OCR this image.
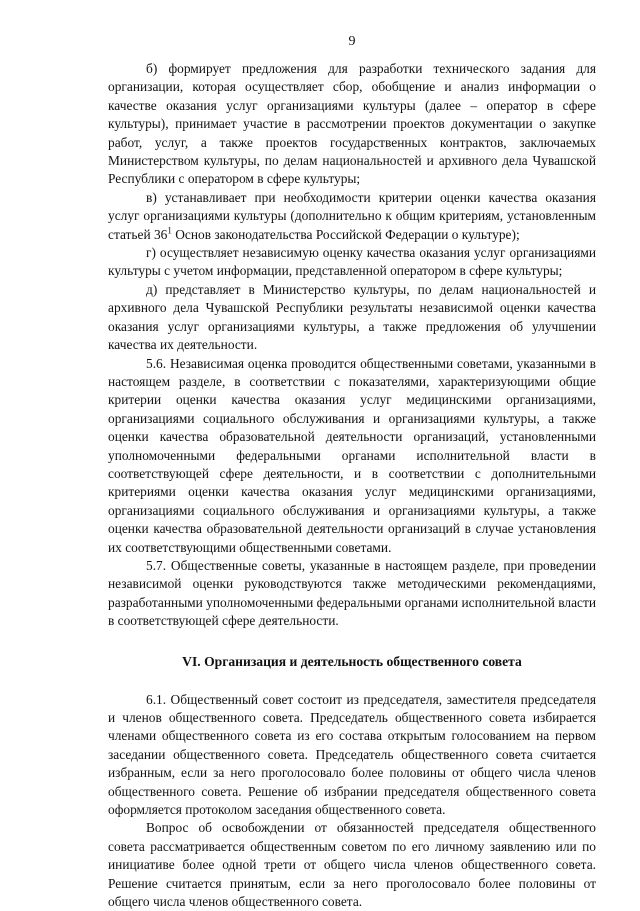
9

б) формирует предложения для разработки технического задания для организации, которая осуществляет сбор, обобщение и анализ информации о качестве оказания услуг организациями культуры (далее – оператор в сфере культуры), принимает участие в рассмотрении проектов документации о закупке работ, услуг, а также проектов государственных контрактов, заключаемых Министерством культуры, по делам национальностей и архивного дела Чувашской Республики с оператором в сфере культуры;

в) устанавливает при необходимости критерии оценки качества оказания услуг организациями культуры (дополнительно к общим критериям, установленным статьей $36^1$ Основ законодательства Российской Федерации о культуре);

г) осуществляет независимую оценку качества оказания услуг организациями культуры с учетом информации, представленной оператором в сфере культуры;

д) представляет в Министерство культуры, по делам национальностей и архивного дела Чувашской Республики результаты независимой оценки качества оказания услуг организациями культуры, а также предложения об улучшении качества их деятельности.

5.6. Независимая оценка проводится общественными советами, указанными в настоящем разделе, в соответствии с показателями, характеризующими общие критерии оценки качества оказания услуг медицинскими организациями, организациями социального обслуживания и организациями культуры, а также оценки качества образовательной деятельности организаций, установленными уполномоченными федеральными органами исполнительной власти в соответствующей сфере деятельности, и в соответствии с дополнительными критериями оценки качества оказания услуг медицинскими организациями, организациями социального обслуживания и организациями культуры, а также оценки качества образовательной деятельности организаций в случае установления их соответствующими общественными советами.

5.7. Общественные советы, указанные в настоящем разделе, при проведении независимой оценки руководствуются также методическими рекомендациями, разработанными уполномоченными федеральными органами исполнительной власти в соответствующей сфере деятельности.

VI. Организация и деятельность общественного совета

6.1. Общественный совет состоит из председателя, заместителя председателя и членов общественного совета. Председатель общественного совета избирается членами общественного совета из его состава открытым голосованием на первом заседании общественного совета. Председатель общественного совета считается избранным, если за него проголосовало более половины от общего числа членов общественного совета. Решение об избрании председателя общественного совета оформляется протоколом заседания общественного совета.

Вопрос об освобождении от обязанностей председателя общественного совета рассматривается общественным советом по его личному заявлению или по инициативе более одной трети от общего числа членов общественного совета. Решение считается принятым, если за него проголосовало более половины от общего числа членов общественного совета.
